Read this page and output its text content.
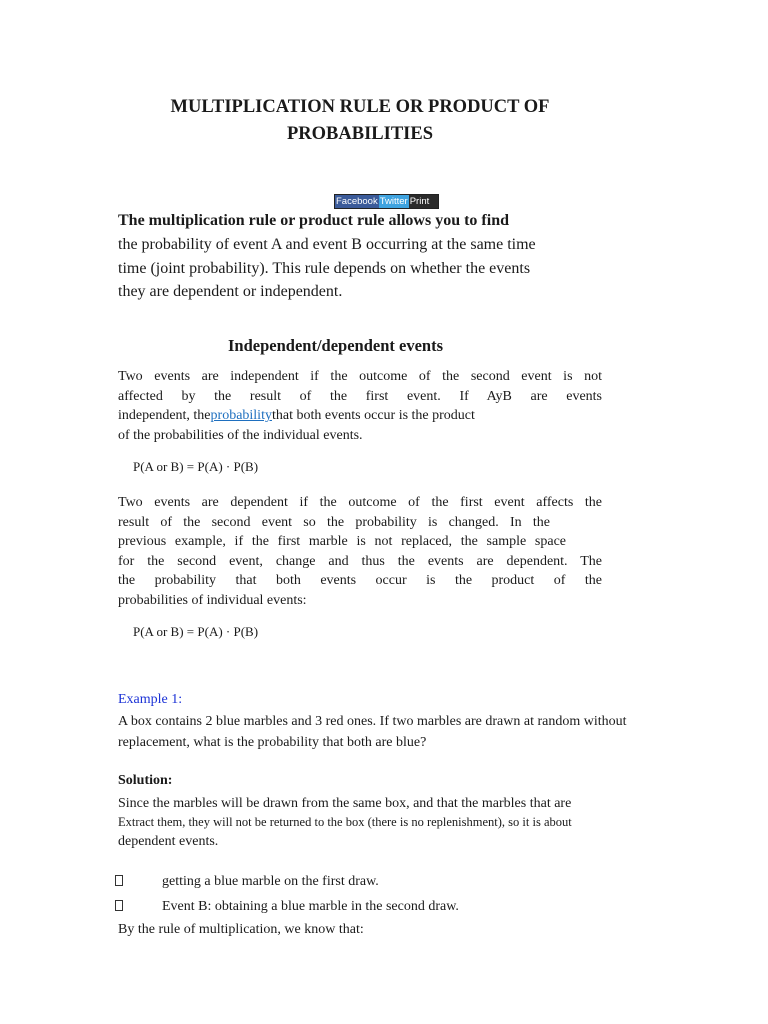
MULTIPLICATION RULE OR PRODUCT OF
PROBABILITIES
Facebook Twitter Print
The multiplication rule or product rule allows you to find
the probability of event A and event B occurring at the same time
time (joint probability). This rule depends on whether the events
they are dependent or independent.
Independent/dependent events
Two events are independent if the outcome of the second event is not
affected by the result of the first event. If AyB are events
independent, theprobabilitythat both events occur is the product
of the probabilities of the individual events.
P(A or B) = P(A) · P(B)
Two events are dependent if the outcome of the first event affects the
result of the second event so the probability is changed. In the
previous example, if the first marble is not replaced, the sample space
for the second event, change and thus the events are dependent. The
the probability that both events occur is the product of the
probabilities of individual events:
P(A or B) = P(A) · P(B)
Example 1:
A box contains 2 blue marbles and 3 red ones. If two marbles are drawn at random without
replacement, what is the probability that both are blue?
Solution:
Since the marbles will be drawn from the same box, and that the marbles that are
Extract them, they will not be returned to the box (there is no replenishment), so it is about
dependent events.
getting a blue marble on the first draw.
Event B: obtaining a blue marble in the second draw.
By the rule of multiplication, we know that:
